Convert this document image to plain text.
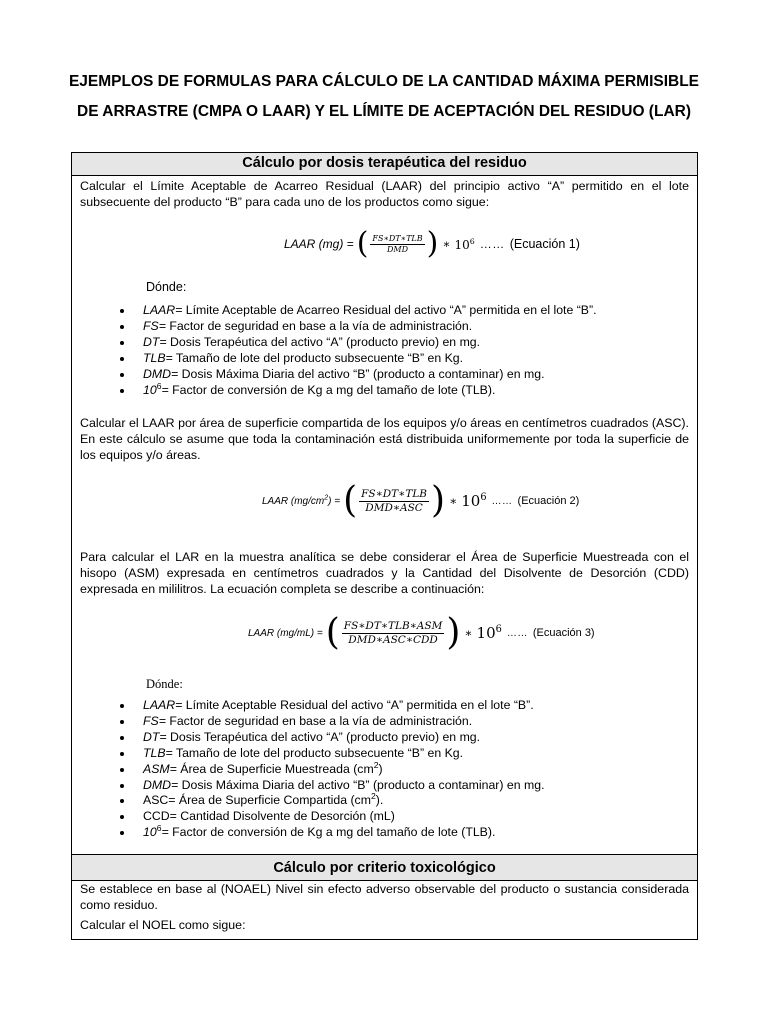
EJEMPLOS DE FORMULAS PARA CÁLCULO DE LA CANTIDAD MÁXIMA PERMISIBLE
DE ARRASTRE (CMPA O LAAR) Y EL LÍMITE DE ACEPTACIÓN DEL RESIDUO (LAR)
Cálculo por dosis terapéutica del residuo
Calcular el Límite Aceptable de Acarreo Residual (LAAR) del principio activo “A” permitido en el lote subsecuente del producto “B” para cada uno de los productos como sigue:
LAAR (mg) = ( $\frac{\text{FS∗DT∗TLB}}{\text{DMD}}$ ) ∗ $10^6$ …… (Ecuación 1)
Dónde:
LAAR= Límite Aceptable de Acarreo Residual del activo “A” permitida en el lote “B”.
FS= Factor de seguridad en base a la vía de administración.
DT= Dosis Terapéutica del activo “A” (producto previo) en mg.
TLB= Tamaño de lote del producto subsecuente “B” en Kg.
DMD= Dosis Máxima Diaria del activo “B” (producto a contaminar) en mg.
$10^6=$ Factor de conversión de Kg a mg del tamaño de lote (TLB).
Calcular el LAAR por área de superficie compartida de los equipos y/o áreas en centímetros cuadrados (ASC). En este cálculo se asume que toda la contaminación está distribuida uniformemente por toda la superficie de los equipos y/o áreas.
LAAR $(mg/cm^2)$ = ( $\frac{\text{FS∗DT∗TLB}}{\text{DMD∗ASC}}$ ) ∗ $10^6$ …… (Ecuación 2)
Para calcular el LAR en la muestra analítica se debe considerar el Área de Superficie Muestreada con el hisopo (ASM) expresada en centímetros cuadrados y la Cantidad del Disolvente de Desorción (CDD) expresada en mililitros. La ecuación completa se describe a continuación:
LAAR (mg/mL) = ( $\frac{\text{FS∗DT∗TLB∗ASM}}{\text{DMD∗ASC∗CDD}}$ ) ∗ $10^6$ …… (Ecuación 3)
Dónde:
LAAR= Límite Aceptable Residual del activo “A” permitida en el lote “B”.
FS= Factor de seguridad en base a la vía de administración.
DT= Dosis Terapéutica del activo “A” (producto previo) en mg.
TLB= Tamaño de lote del producto subsecuente “B” en Kg.
ASM= Área de Superficie Muestreada $(cm^2)$
DMD= Dosis Máxima Diaria del activo “B” (producto a contaminar) en mg.
ASC= Área de Superficie Compartida $(cm^2)$.
CCD= Cantidad Disolvente de Desorción (mL)
$10^6=$ Factor de conversión de Kg a mg del tamaño de lote (TLB).
Cálculo por criterio toxicológico
Se establece en base al (NOAEL) Nivel sin efecto adverso observable del producto o sustancia considerada como residuo.
Calcular el NOEL como sigue:
